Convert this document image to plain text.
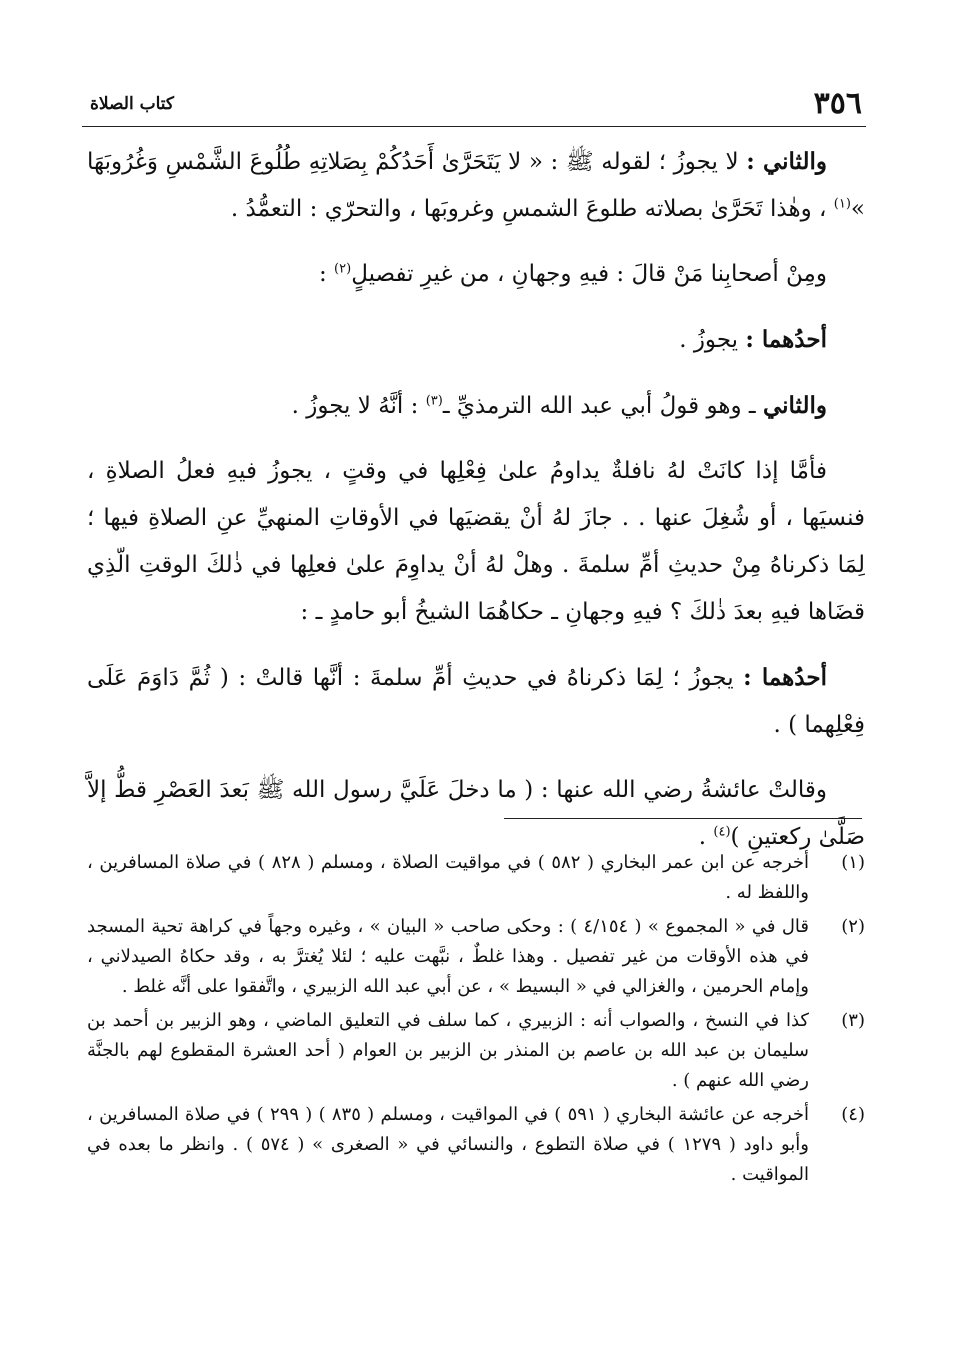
٣٥٦
كتاب الصلاة

والثاني : لا يجوزُ ؛ لقوله ﷺ : « لا يَتَحَرَّىٰ أَحَدُكُمْ بِصَلاتِهِ طُلُوعَ الشَّمْسِ وَغُرُوبَهَا »$^{(١)}$ ، وهٰذا تَحَرَّىٰ بصلاته طلوعَ الشمسِ وغروبَها ، والتحرّي : التعمُّدُ .

ومِنْ أصحابِنا مَنْ قالَ : فيهِ وجهانِ ، من غيرِ تفصيلٍ$^{(٢)}$ :

أحدُهما : يجوزُ .

والثاني ـ وهو قولُ أبي عبد الله الترمذيِّ ـ$^{(٣)}$ : أنَّهُ لا يجوزُ .

فأمَّا إذا كانَتْ لهُ نافلةٌ يداومُ علىٰ فِعْلِها في وقتٍ ، يجوزُ فيهِ فعلُ الصلاةِ ، فنسيَها ، أو شُغِلَ عنها . . جازَ لهُ أنْ يقضيَها في الأوقاتِ المنهيِّ عنِ الصلاةِ فيها ؛ لِمَا ذكرناهُ مِنْ حديثِ أمِّ سلمةَ . وهلْ لهُ أنْ يداوِمَ علىٰ فعلِها في ذٰلكَ الوقتِ الّذِي قضَاها فيهِ بعدَ ذٰلكَ ؟ فيهِ وجهانِ ـ حكاهُمَا الشيخُ أبو حامدٍ ـ :

أحدُهما : يجوزُ ؛ لِمَا ذكرناهُ في حديثِ أمِّ سلمةَ : أنَّها قالتْ : ( ثُمَّ دَاوَمَ عَلَى فِعْلِهما ) .

وقالتْ عائشةُ رضي الله عنها : ( ما دخلَ عَلَيَّ رسول الله ﷺ بَعدَ العَصْرِ قطُّ إلاَّ صَلَّىٰ ركعتينِ )$^{(٤)}$ .

(١)
أخرجه عن ابن عمر البخاري ( ٥٨٢ ) في مواقيت الصلاة ، ومسلم ( ٨٢٨ ) في صلاة المسافرين ، واللفظ له .
(٢)
قال في « المجموع » ( ٤/١٥٤ ) : وحكى صاحب « البيان » ، وغيره وجهاً في كراهة تحية المسجد في هذه الأوقات من غير تفصيل . وهذا غلطٌ ، نبَّهت عليه ؛ لئلا يُغترَّ به ، وقد حكاهُ الصيدلاني ، وإمام الحرمين ، والغزالي في « البسيط » ، عن أبي عبد الله الزبيري ، واتَّفقوا على أنَّه غلط .
(٣)
كذا في النسخ ، والصواب أنه : الزبيري ، كما سلف في التعليق الماضي ، وهو الزبير بن أحمد بن سليمان بن عبد الله بن عاصم بن المنذر بن الزبير بن العوام ( أحد العشرة المقطوع لهم بالجنَّة رضي الله عنهم ) .
(٤)
أخرجه عن عائشة البخاري ( ٥٩١ ) في المواقيت ، ومسلم ( ٨٣٥ ) ( ٢٩٩ ) في صلاة المسافرين ، وأبو داود ( ١٢٧٩ ) في صلاة التطوع ، والنسائي في « الصغرى » ( ٥٧٤ ) . وانظر ما بعده في المواقيت .
